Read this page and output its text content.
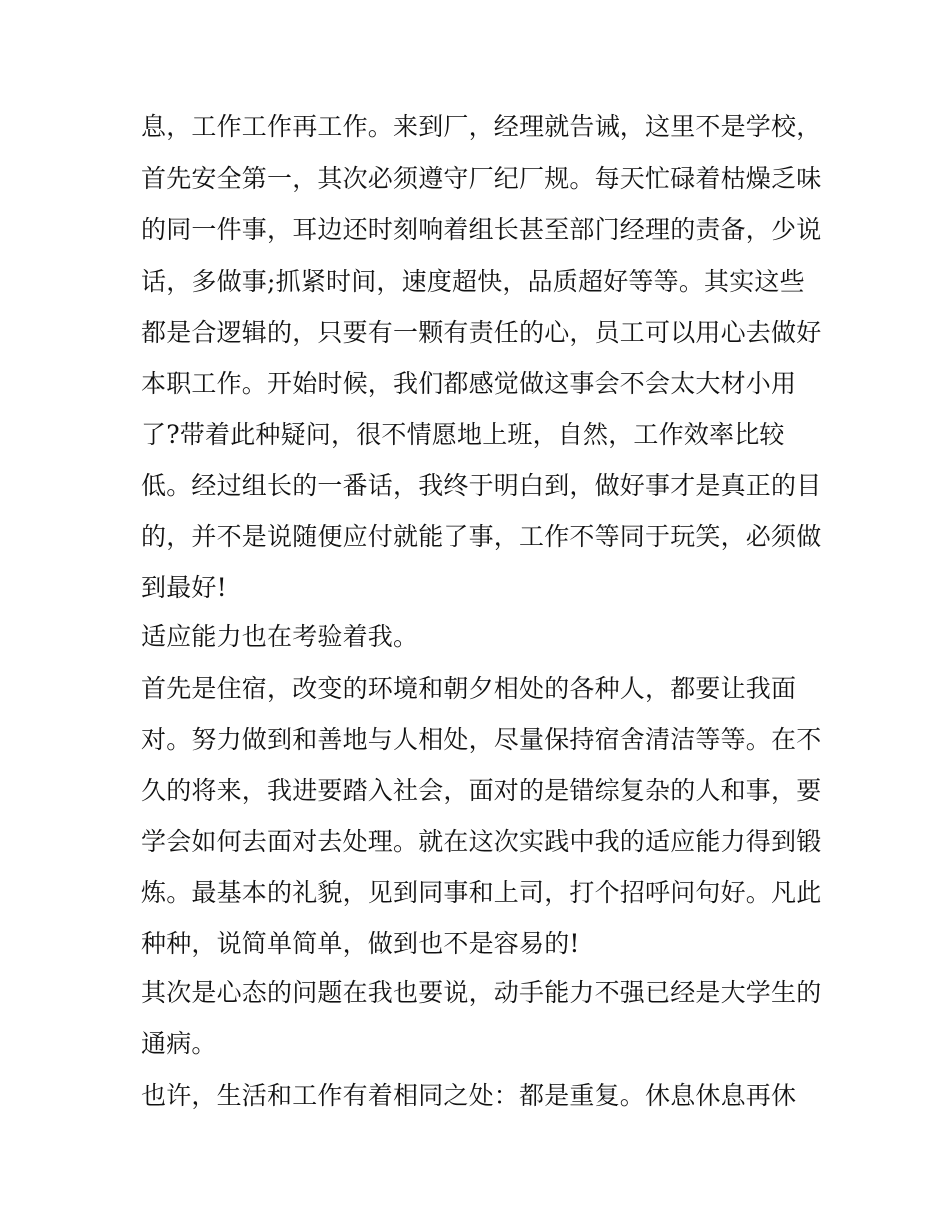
息，工作工作再工作。来到厂，经理就告诫，这里不是学校，
首先安全第一，其次必须遵守厂纪厂规。每天忙碌着枯燥乏味
的同一件事，耳边还时刻响着组长甚至部门经理的责备，少说
话，多做事;抓紧时间，速度超快，品质超好等等。其实这些
都是合逻辑的，只要有一颗有责任的心，员工可以用心去做好
本职工作。开始时候，我们都感觉做这事会不会太大材小用
了?带着此种疑问，很不情愿地上班，自然，工作效率比较
低。经过组长的一番话，我终于明白到，做好事才是真正的目
的，并不是说随便应付就能了事，工作不等同于玩笑，必须做
到最好!
适应能力也在考验着我。
首先是住宿，改变的环境和朝夕相处的各种人，都要让我面
对。努力做到和善地与人相处，尽量保持宿舍清洁等等。在不
久的将来，我进要踏入社会，面对的是错综复杂的人和事，要
学会如何去面对去处理。就在这次实践中我的适应能力得到锻
炼。最基本的礼貌，见到同事和上司，打个招呼问句好。凡此
种种，说简单简单，做到也不是容易的!
其次是心态的问题在我也要说，动手能力不强已经是大学生的
通病。
也许，生活和工作有着相同之处：都是重复。休息休息再休
